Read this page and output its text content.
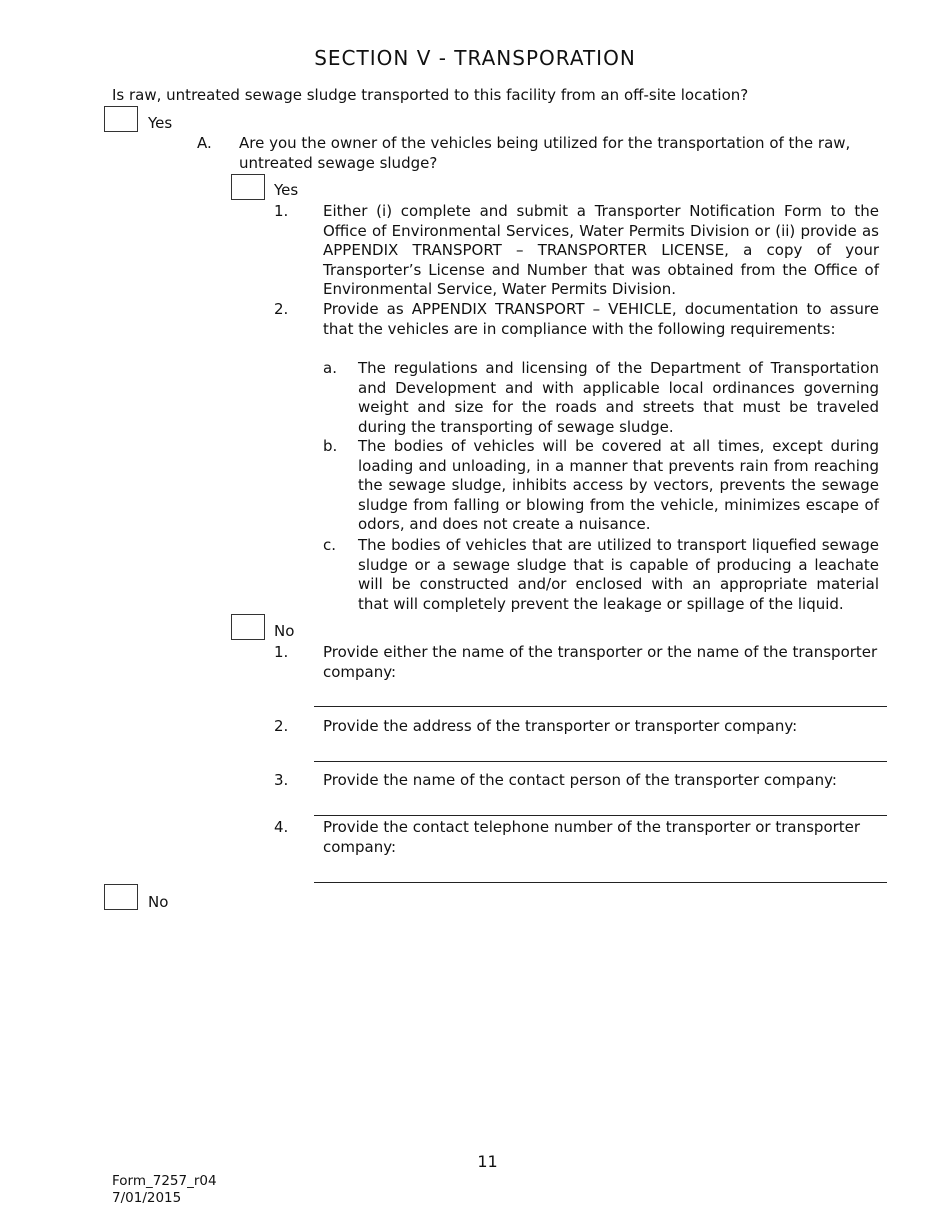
SECTION V - TRANSPORATION
Is raw, untreated sewage sludge transported to this facility from an off-site location?
Yes
A. Are you the owner of the vehicles being utilized for the transportation of the raw, untreated sewage sludge?
Yes
1. Either (i) complete and submit a Transporter Notification Form to the Office of Environmental Services, Water Permits Division or (ii) provide as APPENDIX TRANSPORT – TRANSPORTER LICENSE, a copy of your Transporter’s License and Number that was obtained from the Office of Environmental Service, Water Permits Division.
2. Provide as APPENDIX TRANSPORT – VEHICLE, documentation to assure that the vehicles are in compliance with the following requirements:
a. The regulations and licensing of the Department of Transportation and Development and with applicable local ordinances governing weight and size for the roads and streets that must be traveled during the transporting of sewage sludge.
b. The bodies of vehicles will be covered at all times, except during loading and unloading, in a manner that prevents rain from reaching the sewage sludge, inhibits access by vectors, prevents the sewage sludge from falling or blowing from the vehicle, minimizes escape of odors, and does not create a nuisance.
c. The bodies of vehicles that are utilized to transport liquefied sewage sludge or a sewage sludge that is capable of producing a leachate will be constructed and/or enclosed with an appropriate material that will completely prevent the leakage or spillage of the liquid.
No
1. Provide either the name of the transporter or the name of the transporter company:
2. Provide the address of the transporter or transporter company:
3. Provide the name of the contact person of the transporter company:
4. Provide the contact telephone number of the transporter or transporter company:
No
11
Form_7257_r04
7/01/2015
